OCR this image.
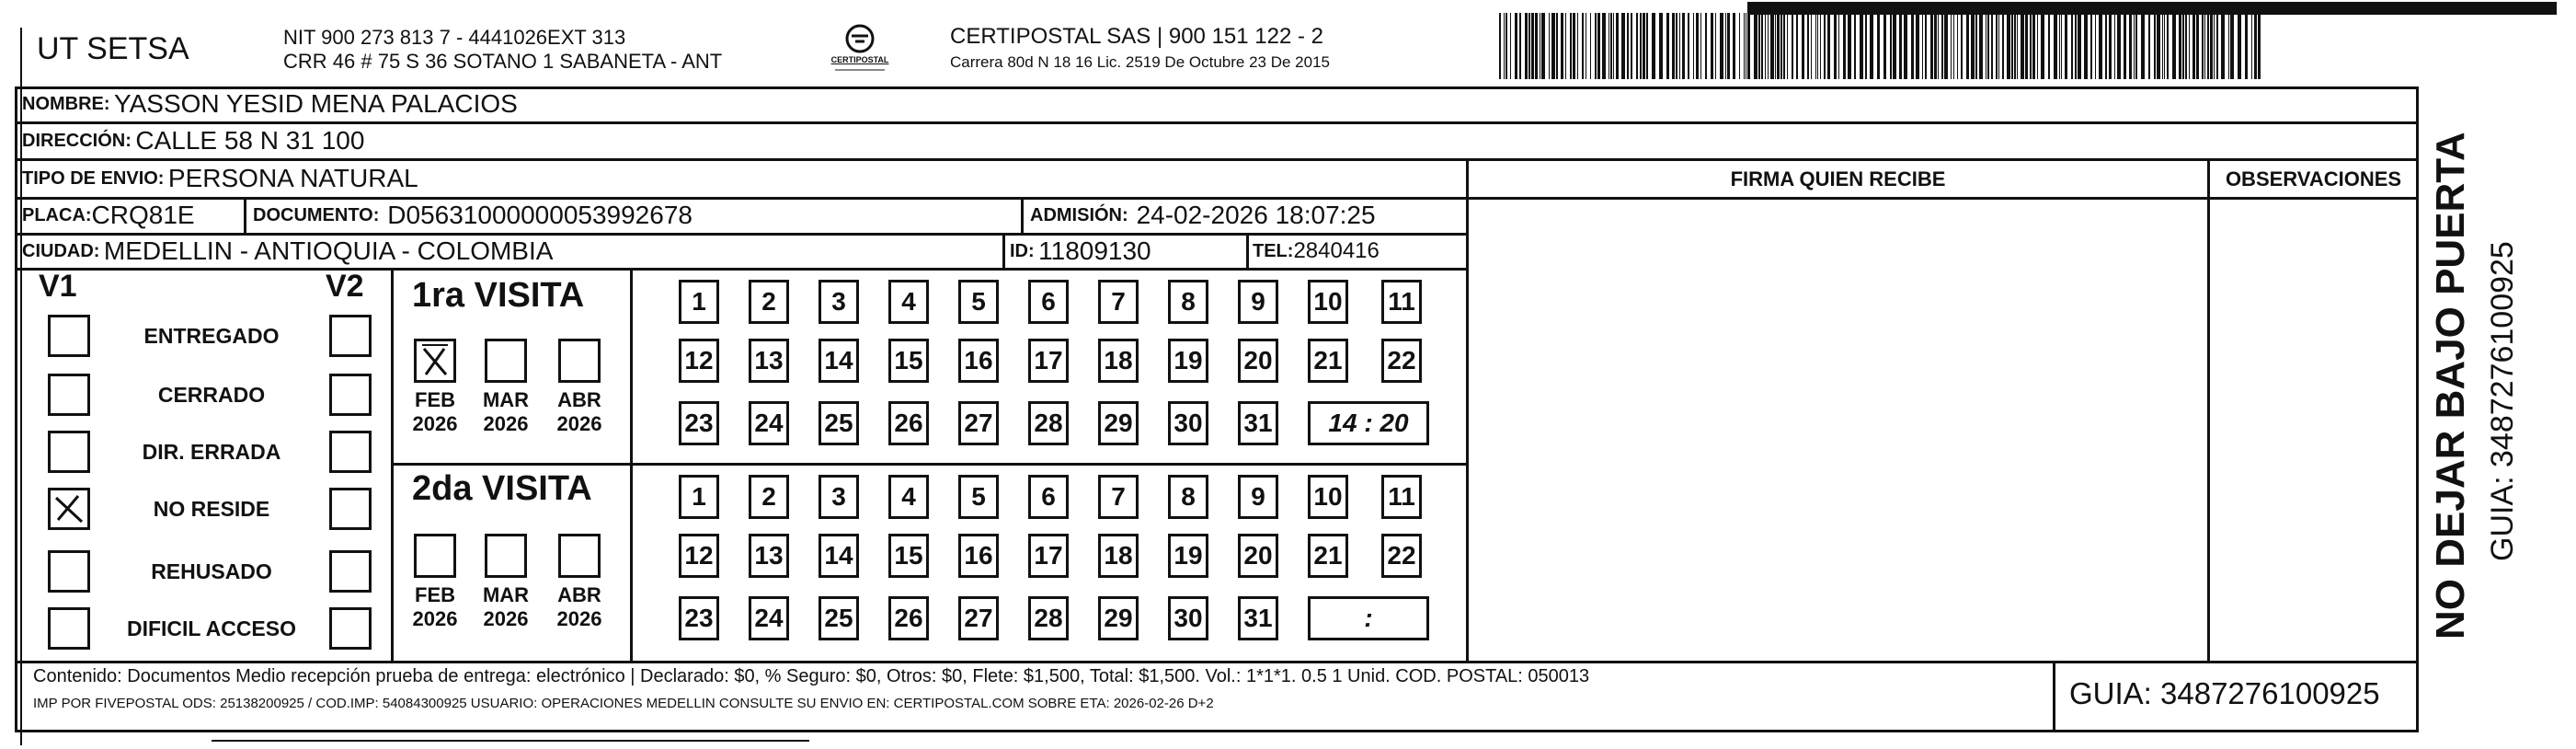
UT SETSA	NIT 900 273 813 7 - 4441026EXT 313
CRR 46 # 75 S 36 SOTANO 1 SABANETA - ANT	CERTIPOSTAL
CERTIPOSTAL SAS | 900 151 122 - 2
Carrera 80d N 18 16 Lic. 2519 De Octubre 23 De 2015
NOMBRE:
YASSON YESID MENA PALACIOS
DIRECCIÓN:
CALLE 58 N 31 100
TIPO DE ENVIO:
PERSONA NATURAL
PLACA: CRQ81E	DOCUMENTO:
D05631000000053992678	ADMISIÓN:
24-02-2026 18:07:25
CIUDAD:
MEDELLIN - ANTIOQUIA - COLOMBIA	ID:
11809130	TEL: 2840416
FIRMA QUIEN RECIBE	OBSERVACIONES
V1	V2
ENTREGADO
CERRADO
DIR. ERRADA
NO RESIDE
REHUSADO
DIFICIL ACCESO
1ra VISITA
FEB
2026
MAR
2026
ABR
2026
1	2	3	4	5	6	7	8	9	10 11
12 13 14 15 16 17 18 19 20 21 22
23 24 25 26 27 28 29 30 31	14 : 20
2da VISITA
FEB
2026
MAR
2026
ABR
2026
1	2	3	4	5	6	7	8	9	10 11
12 13 14 15 16 17 18 19 20 21 22
23 24 25 26 27 28 29 30 31	:
Contenido: Documentos Medio recepción prueba de entrega: electrónico | Declarado: $0, % Seguro: $0, Otros: $0, Flete: $1,500, Total: $1,500. Vol.: 1*1*1. 0.5 1 Unid. COD. POSTAL: 050013
IMP POR FIVEPOSTAL ODS: 25138200925 / COD.IMP: 54084300925 USUARIO: OPERACIONES MEDELLIN CONSULTE SU ENVIO EN: CERTIPOSTAL.COM SOBRE ETA: 2026-02-26 D+2	GUIA: 3487276100925
NO DEJAR BAJO PUERTA GUIA: 3487276100925
